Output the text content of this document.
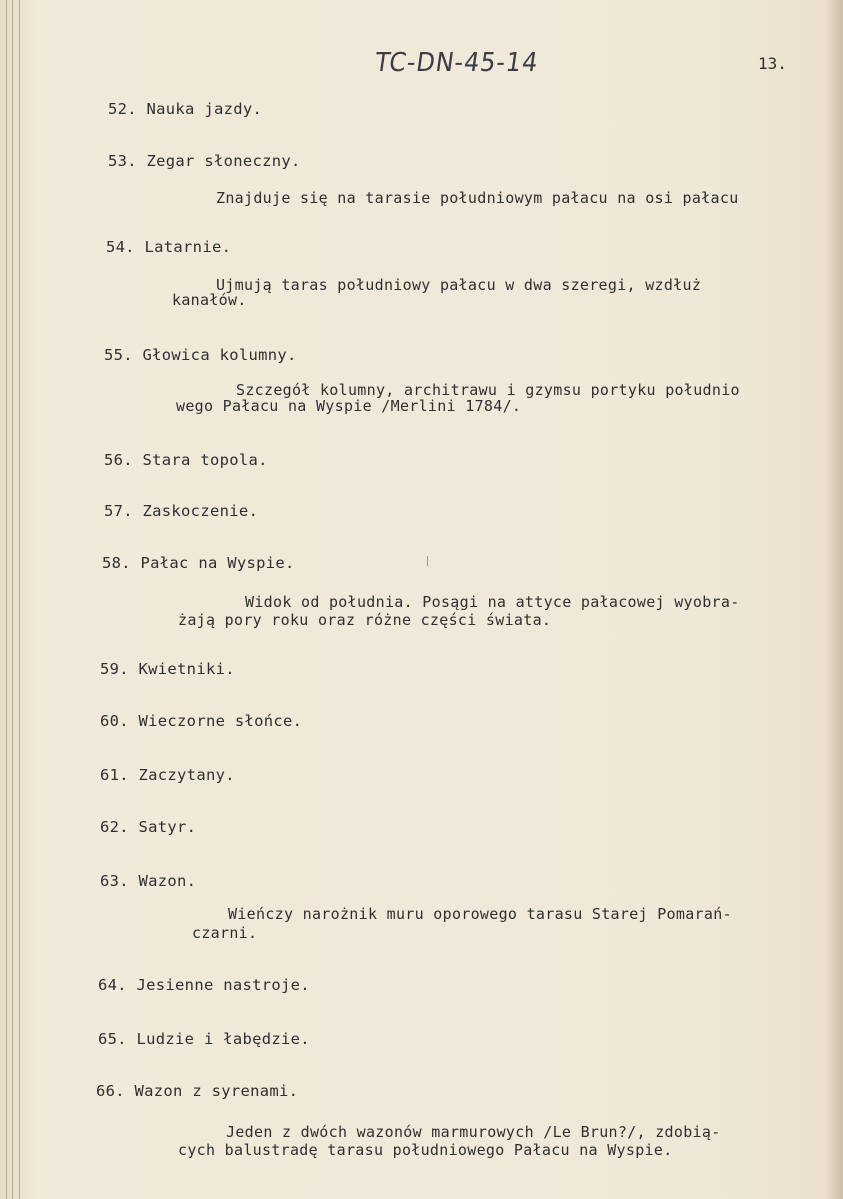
TC-DN-45-14	13.
52. Nauka jazdy.
53. Zegar słoneczny.
Znajduje się na tarasie południowym pałacu na osi pałacu
54. Latarnie.
Ujmują taras południowy pałacu w dwa szeregi, wzdłuż
kanałów.
55. Głowica kolumny.
Szczegół kolumny, architrawu i gzymsu portyku południo
wego Pałacu na Wyspie /Merlini 1784/.
56. Stara topola.
57. Zaskoczenie.
58. Pałac na Wyspie.
Widok od południa. Posągi na attyce pałacowej wyobra-
żają pory roku oraz różne części świata.
59. Kwietniki.
60. Wieczorne słońce.
61. Zaczytany.
62. Satyr.
63. Wazon.
Wieńczy narożnik muru oporowego tarasu Starej Pomarań-
czarni.
64. Jesienne nastroje.
65. Ludzie i łabędzie.
66. Wazon z syrenami.
Jeden z dwóch wazonów marmurowych /Le Brun?/, zdobią-
cych balustradę tarasu południowego Pałacu na Wyspie.
